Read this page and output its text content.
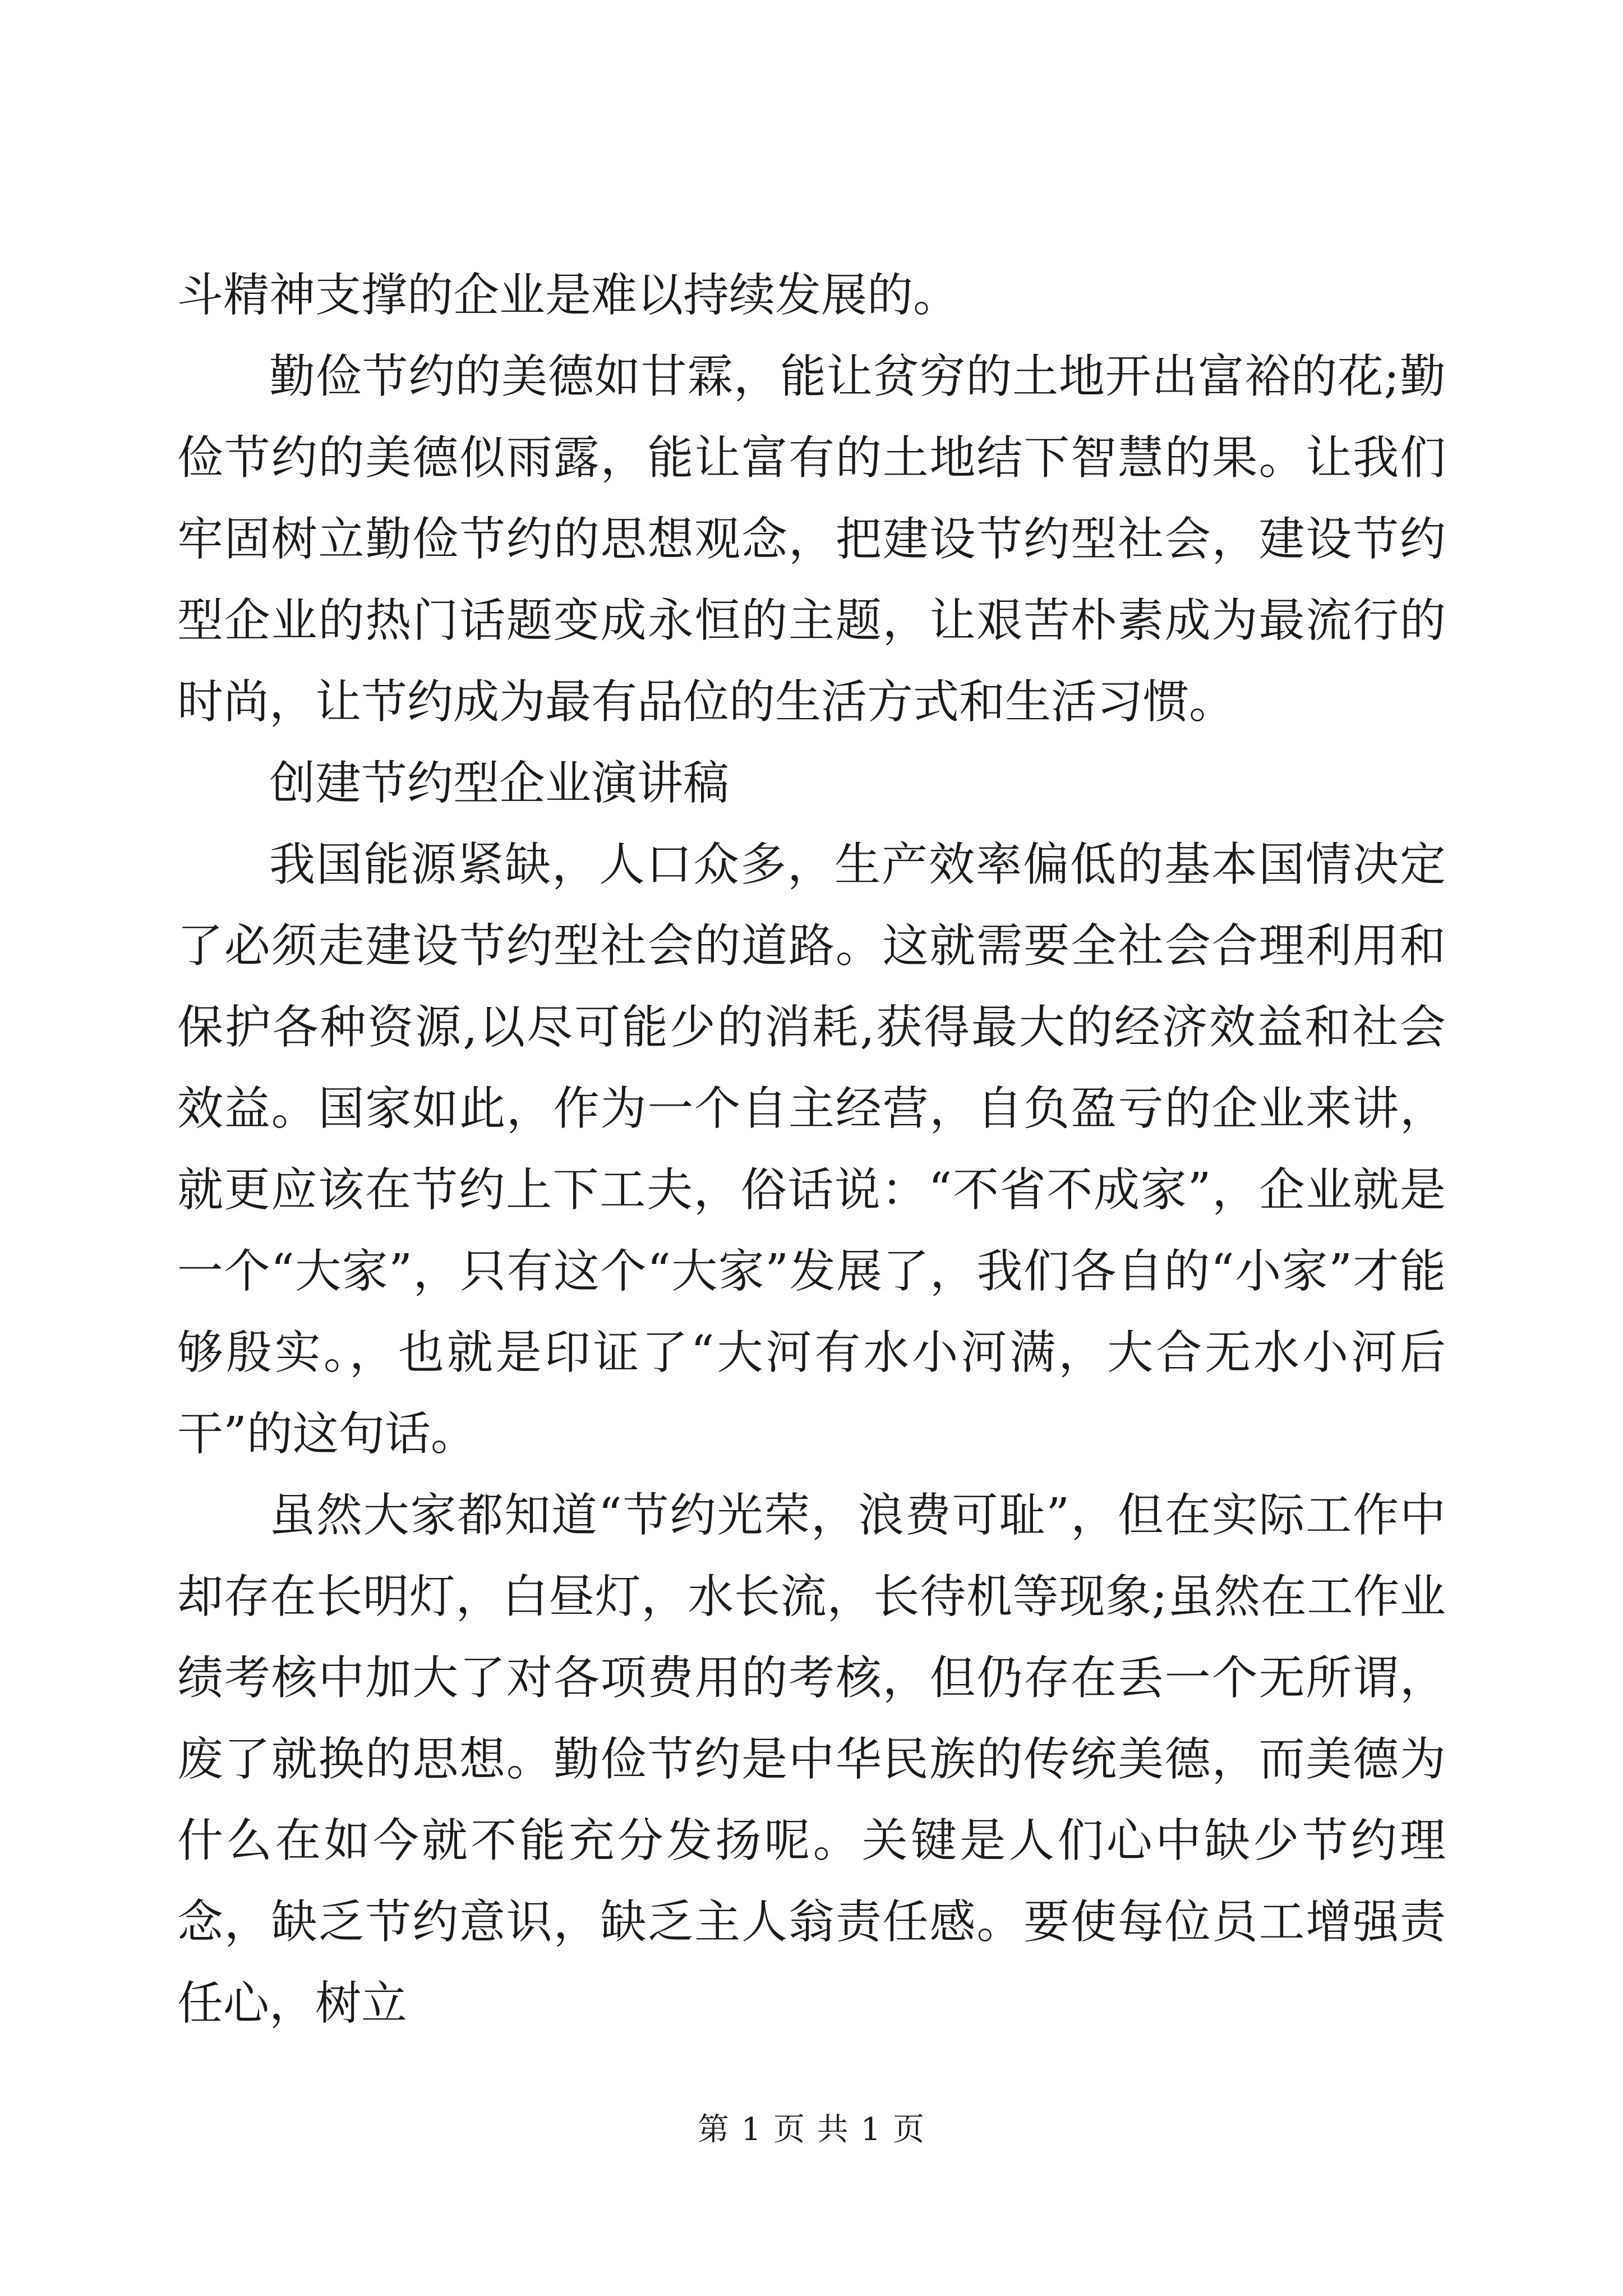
斗精神支撑的企业是难以持续发展的。

勤俭节约的美德如甘霖，能让贫穷的土地开出富裕的花;勤俭节约的美德似雨露，能让富有的土地结下智慧的果。让我们牢固树立勤俭节约的思想观念，把建设节约型社会，建设节约型企业的热门话题变成永恒的主题，让艰苦朴素成为最流行的时尚，让节约成为最有品位的生活方式和生活习惯。

创建节约型企业演讲稿

我国能源紧缺，人口众多，生产效率偏低的基本国情决定了必须走建设节约型社会的道路。这就需要全社会合理利用和保护各种资源,以尽可能少的消耗,获得最大的经济效益和社会效益。国家如此，作为一个自主经营，自负盈亏的企业来讲，就更应该在节约上下工夫，俗话说：“不省不成家”，企业就是一个“大家”，只有这个“大家”发展了，我们各自的“小家”才能够殷实。，也就是印证了“大河有水小河满，大合无水小河后干”的这句话。

虽然大家都知道“节约光荣，浪费可耻”，但在实际工作中却存在长明灯，白昼灯，水长流，长待机等现象;虽然在工作业绩考核中加大了对各项费用的考核，但仍存在丢一个无所谓，废了就换的思想。勤俭节约是中华民族的传统美德，而美德为什么在如今就不能充分发扬呢。关键是人们心中缺少节约理念，缺乏节约意识，缺乏主人翁责任感。要使每位员工增强责任心，树立

第 1 页 共 1 页
